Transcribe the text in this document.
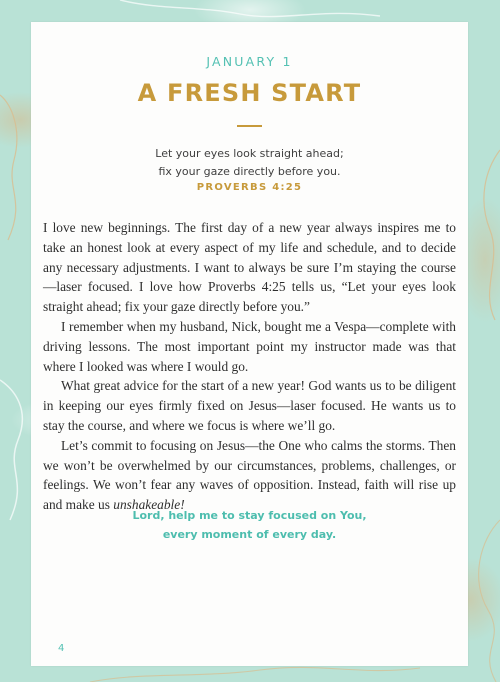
JANUARY 1
A FRESH START
Let your eyes look straight ahead;
fix your gaze directly before you.
PROVERBS 4:25

I love new beginnings. The first day of a new year always inspires me to take an honest look at every aspect of my life and schedule, and to decide any necessary adjustments. I want to always be sure I’m staying the course—laser focused. I love how Proverbs 4:25 tells us, “Let your eyes look straight ahead; fix your gaze directly before you.”

I remember when my husband, Nick, bought me a Vespa—complete with driving lessons. The most important point my instructor made was that where I looked was where I would go.

What great advice for the start of a new year! God wants us to be diligent in keeping our eyes firmly fixed on Jesus—laser focused. He wants us to stay the course, and where we focus is where we’ll go.

Let’s commit to focusing on Jesus—the One who calms the storms. Then we won’t be overwhelmed by our circumstances, problems, challenges, or feelings. We won’t fear any waves of opposition. Instead, faith will rise up and make us unshakeable!

Lord, help me to stay focused on You,
every moment of every day.
4
